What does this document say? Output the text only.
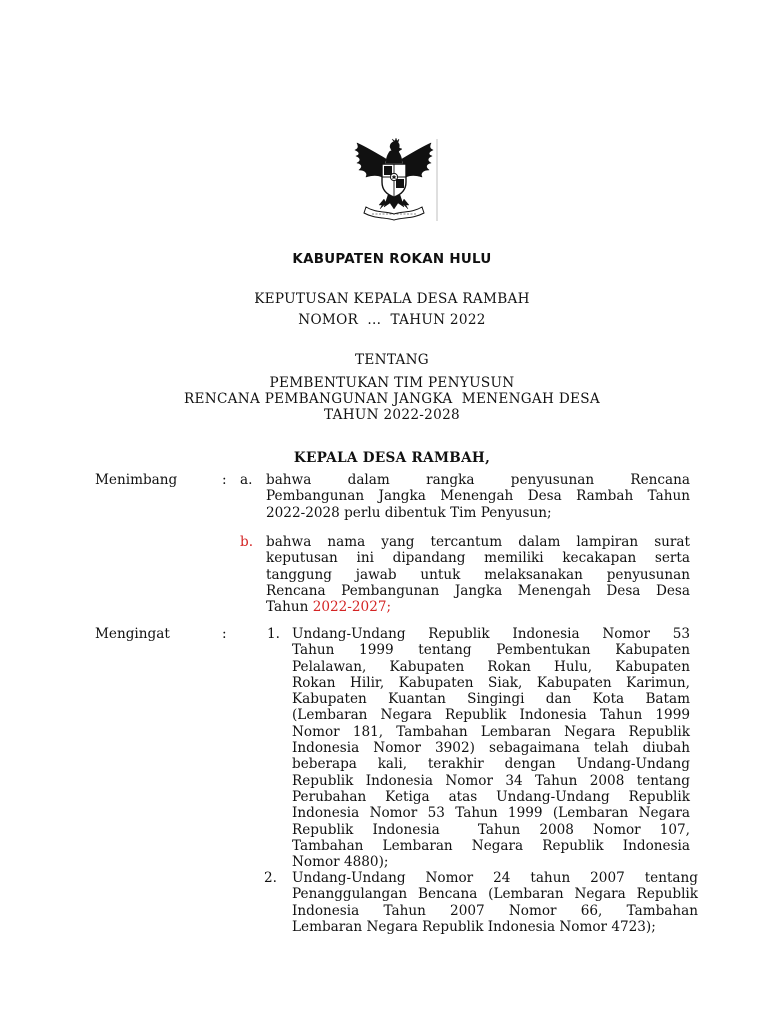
KABUPATEN ROKAN HULU
KEPUTUSAN KEPALA DESA RAMBAH
NOMOR  ...  TAHUN 2022
TENTANG
PEMBENTUKAN TIM PENYUSUN
RENCANA PEMBANGUNAN JANGKA  MENENGAH DESA
TAHUN 2022-2028
KEPALA DESA RAMBAH,
Menimbang	: a. bahwa dalam rangka penyusunan Rencana
Pembangunan Jangka Menengah Desa Rambah Tahun
2022-2028 perlu dibentuk Tim Penyusun;
b. bahwa nama yang tercantum dalam lampiran surat
keputusan ini dipandang memiliki kecakapan serta
tanggung jawab untuk melaksanakan penyusunan
Rencana Pembangunan Jangka Menengah Desa Desa
Tahun 2022-2027;
Mengingat	:	1. Undang-Undang Republik Indonesia Nomor 53
Tahun 1999 tentang Pembentukan Kabupaten
Pelalawan, Kabupaten Rokan Hulu, Kabupaten
Rokan Hilir, Kabupaten Siak, Kabupaten Karimun,
Kabupaten Kuantan Singingi dan Kota Batam
(Lembaran Negara Republik Indonesia Tahun 1999
Nomor 181, Tambahan Lembaran Negara Republik
Indonesia Nomor 3902) sebagaimana telah diubah
beberapa kali, terakhir dengan Undang-Undang
Republik Indonesia Nomor 34 Tahun 2008 tentang
Perubahan Ketiga atas Undang-Undang Republik
Indonesia Nomor 53 Tahun 1999 (Lembaran Negara
Republik Indonesia  Tahun 2008 Nomor 107,
Tambahan Lembaran Negara Republik Indonesia
Nomor 4880);
2. Undang-Undang Nomor 24 tahun 2007 tentang
Penanggulangan Bencana (Lembaran Negara Republik
Indonesia Tahun 2007 Nomor 66, Tambahan
Lembaran Negara Republik Indonesia Nomor 4723);
